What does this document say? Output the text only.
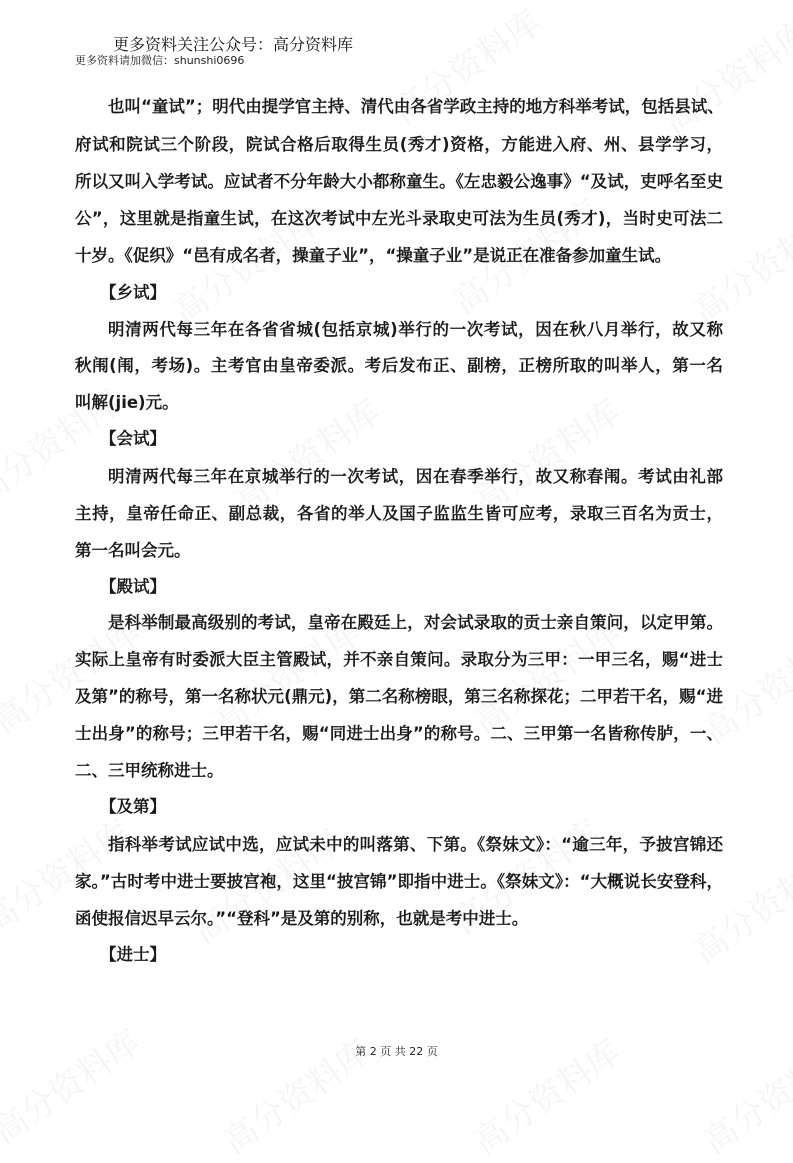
更多资料关注公众号：高分资料库
更多资料请加微信：shunshi0696
也叫“童试”；明代由提学官主持、清代由各省学政主持的地方科举考试，包括县试、
府试和院试三个阶段，院试合格后取得生员(秀才)资格，方能进入府、州、县学学习，
所以又叫入学考试。应试者不分年龄大小都称童生。《左忠毅公逸事》“及试，吏呼名至史
公”，这里就是指童生试，在这次考试中左光斗录取史可法为生员(秀才)，当时史可法二
十岁。《促织》“邑有成名者，操童子业”，“操童子业”是说正在准备参加童生试。
【乡试】
明清两代每三年在各省省城(包括京城)举行的一次考试，因在秋八月举行，故又称
秋闱(闱，考场)。主考官由皇帝委派。考后发布正、副榜，正榜所取的叫举人，第一名
叫解(jie)元。
【会试】
明清两代每三年在京城举行的一次考试，因在春季举行，故又称春闱。考试由礼部
主持，皇帝任命正、副总裁，各省的举人及国子监监生皆可应考，录取三百名为贡士，
第一名叫会元。
【殿试】
是科举制最高级别的考试，皇帝在殿廷上，对会试录取的贡士亲自策问，以定甲第。
实际上皇帝有时委派大臣主管殿试，并不亲自策问。录取分为三甲：一甲三名，赐“进士
及第”的称号，第一名称状元(鼎元)，第二名称榜眼，第三名称探花；二甲若干名，赐“进
士出身”的称号；三甲若干名，赐“同进士出身”的称号。二、三甲第一名皆称传胪，一、
二、三甲统称进士。
【及第】
指科举考试应试中选，应试未中的叫落第、下第。《祭妹文》：“逾三年，予披宫锦还
家。”古时考中进士要披宫袍，这里“披宫锦”即指中进士。《祭妹文》：“大概说长安登科，
函使报信迟早云尔。”“登科”是及第的别称，也就是考中进士。
【进士】
第 2 页 共 22 页
